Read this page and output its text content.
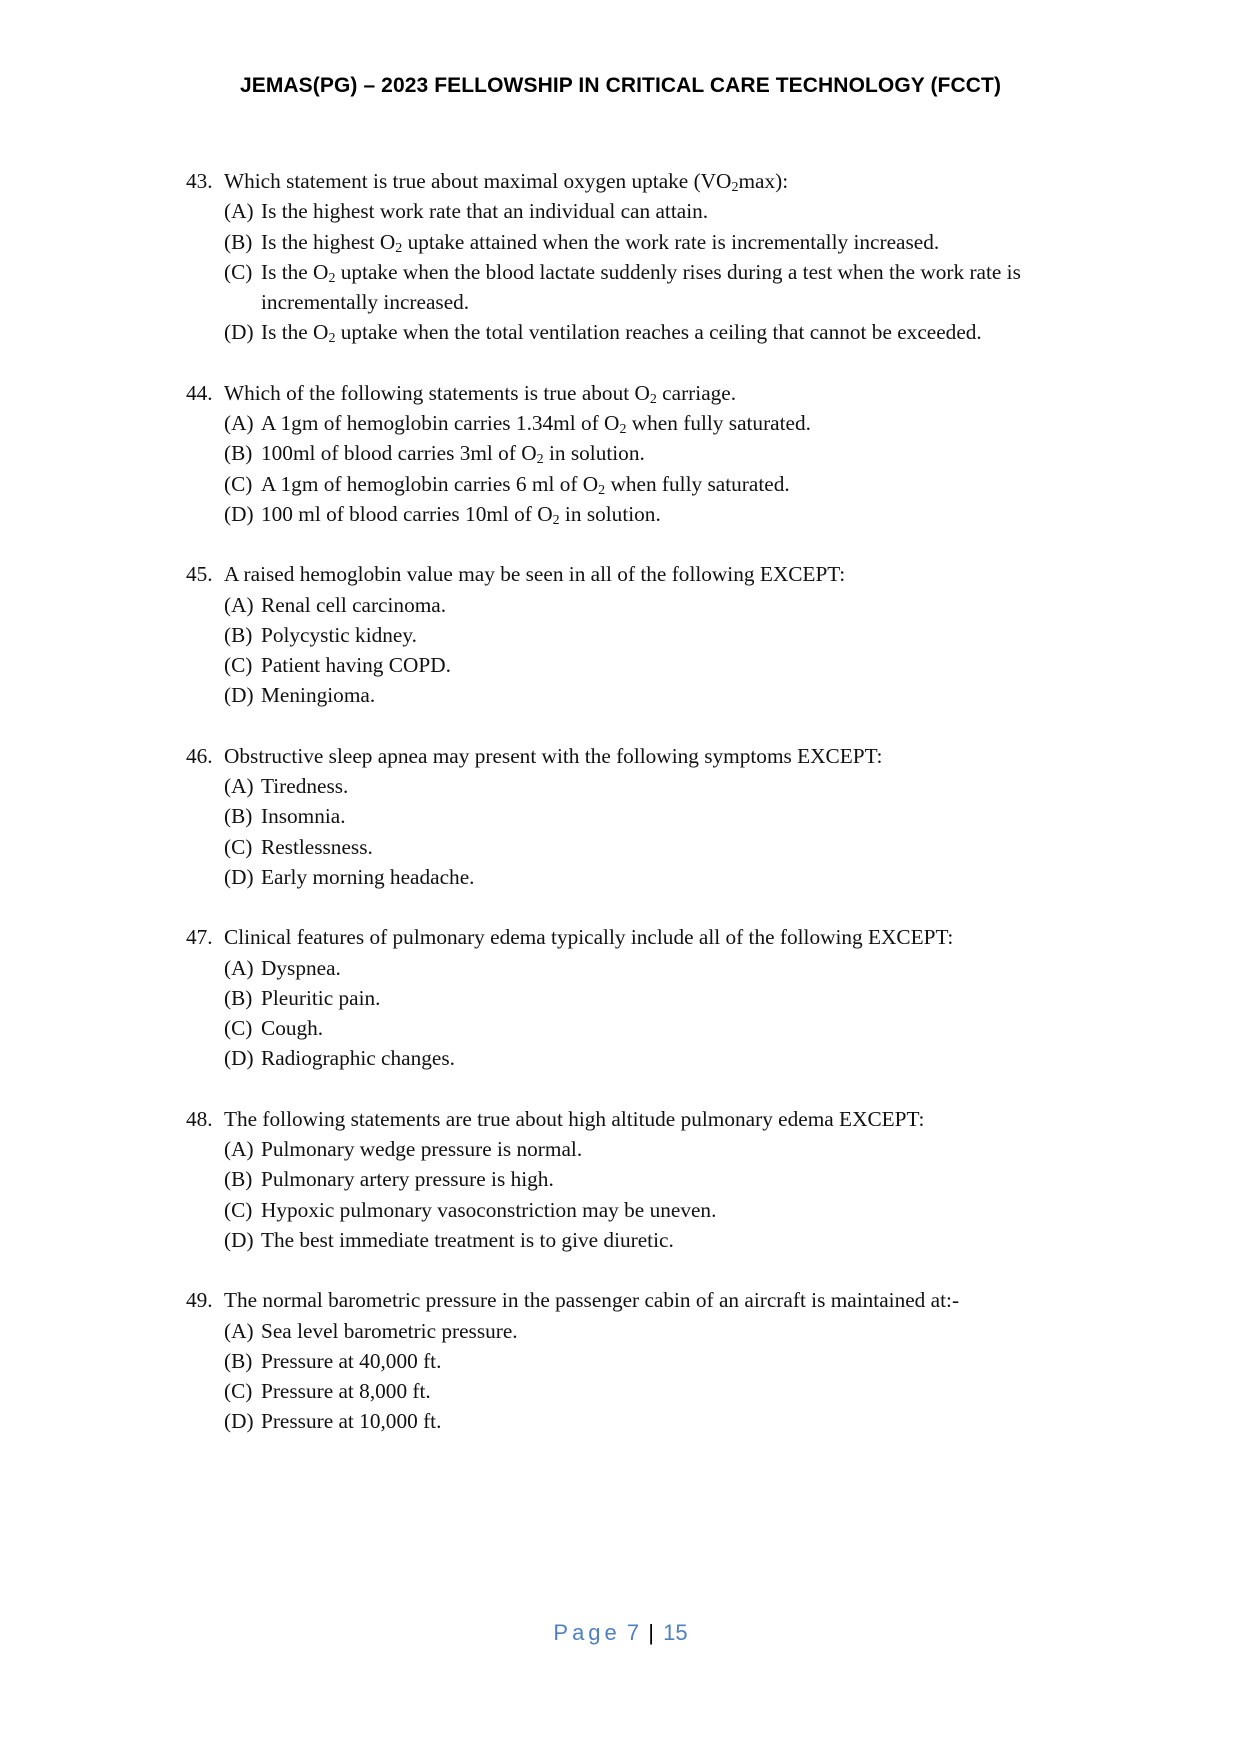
JEMAS(PG) – 2023 FELLOWSHIP IN CRITICAL CARE TECHNOLOGY (FCCT)
43. Which statement is true about maximal oxygen uptake $(VO_2\max)$:
(A) Is the highest work rate that an individual can attain.
(B) Is the highest $O_2$ uptake attained when the work rate is incrementally increased.
(C) Is the $O_2$ uptake when the blood lactate suddenly rises during a test when the work rate is incrementally increased.
(D) Is the $O_2$ uptake when the total ventilation reaches a ceiling that cannot be exceeded.
44. Which of the following statements is true about $O_2$ carriage.
(A) A 1gm of hemoglobin carries 1.34ml of $O_2$ when fully saturated.
(B) 100ml of blood carries 3ml of $O_2$ in solution.
(C) A 1gm of hemoglobin carries 6 ml of $O_2$ when fully saturated.
(D) 100 ml of blood carries 10ml of $O_2$ in solution.
45. A raised hemoglobin value may be seen in all of the following EXCEPT:
(A) Renal cell carcinoma.
(B) Polycystic kidney.
(C) Patient having COPD.
(D) Meningioma.
46. Obstructive sleep apnea may present with the following symptoms EXCEPT:
(A) Tiredness.
(B) Insomnia.
(C) Restlessness.
(D) Early morning headache.
47. Clinical features of pulmonary edema typically include all of the following EXCEPT:
(A) Dyspnea.
(B) Pleuritic pain.
(C) Cough.
(D) Radiographic changes.
48. The following statements are true about high altitude pulmonary edema EXCEPT:
(A) Pulmonary wedge pressure is normal.
(B) Pulmonary artery pressure is high.
(C) Hypoxic pulmonary vasoconstriction may be uneven.
(D) The best immediate treatment is to give diuretic.
49. The normal barometric pressure in the passenger cabin of an aircraft is maintained at:-
(A) Sea level barometric pressure.
(B) Pressure at 40,000 ft.
(C) Pressure at 8,000 ft.
(D) Pressure at 10,000 ft.
Page 7 | 15
